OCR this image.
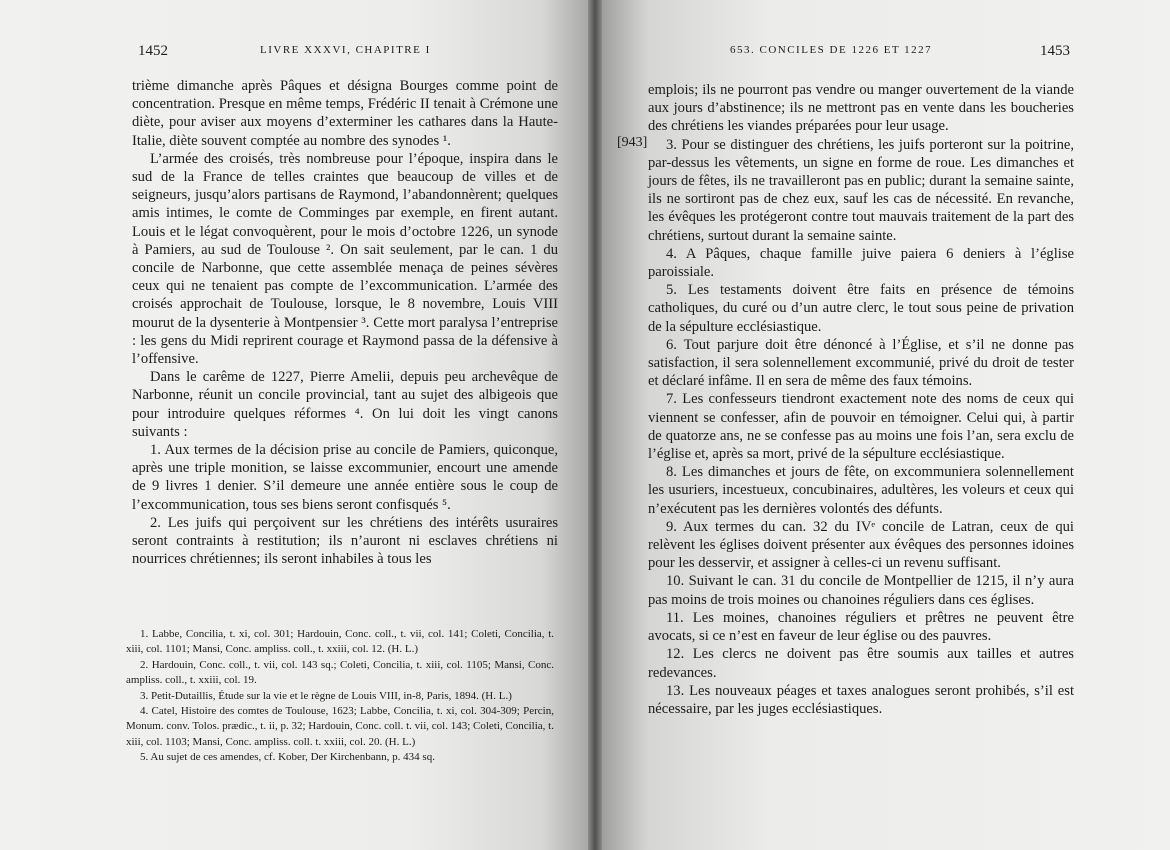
1452	LIVRE XXXVI, CHAPITRE I

trième dimanche après Pâques et désigna Bourges comme point de concentration. Presque en même temps, Frédéric II tenait à Crémone une diète, pour aviser aux moyens d’exterminer les cathares dans la Haute-Italie, diète souvent comptée au nombre des synodes ¹.

L’armée des croisés, très nombreuse pour l’époque, inspira dans le sud de la France de telles craintes que beaucoup de villes et de seigneurs, jusqu’alors partisans de Raymond, l’abandonnèrent; quelques amis intimes, le comte de Comminges par exemple, en firent autant. Louis et le légat convoquèrent, pour le mois d’octobre 1226, un synode à Pamiers, au sud de Toulouse ². On sait seulement, par le can. 1 du concile de Narbonne, que cette assemblée menaça de peines sévères ceux qui ne tenaient pas compte de l’excommunication. L’armée des croisés approchait de Toulouse, lorsque, le 8 novembre, Louis VIII mourut de la dysenterie à Montpensier ³. Cette mort paralysa l’entreprise : les gens du Midi reprirent courage et Raymond passa de la défensive à l’offensive.

Dans le carême de 1227, Pierre Amelii, depuis peu archevêque de Narbonne, réunit un concile provincial, tant au sujet des albigeois que pour introduire quelques réformes ⁴. On lui doit les vingt canons suivants :

1. Aux termes de la décision prise au concile de Pamiers, quiconque, après une triple monition, se laisse excommunier, encourt une amende de 9 livres 1 denier. S’il demeure une année entière sous le coup de l’excommunication, tous ses biens seront confisqués ⁵.

2. Les juifs qui perçoivent sur les chrétiens des intérêts usuraires seront contraints à restitution; ils n’auront ni esclaves chrétiens ni nourrices chrétiennes; ils seront inhabiles à tous les

1. Labbe, Concilia, t. xi, col. 301; Hardouin, Conc. coll., t. vii, col. 141; Coleti, Concilia, t. xiii, col. 1101; Mansi, Conc. ampliss. coll., t. xxiii, col. 12. (H. L.)

2. Hardouin, Conc. coll., t. vii, col. 143 sq.; Coleti, Concilia, t. xiii, col. 1105; Mansi, Conc. ampliss. coll., t. xxiii, col. 19.

3. Petit-Dutaillis, Étude sur la vie et le règne de Louis VIII, in-8, Paris, 1894. (H. L.)

4. Catel, Histoire des comtes de Toulouse, 1623; Labbe, Concilia, t. xi, col. 304-309; Percin, Monum. conv. Tolos. prædic., t. ii, p. 32; Hardouin, Conc. coll. t. vii, col. 143; Coleti, Concilia, t. xiii, col. 1103; Mansi, Conc. ampliss. coll. t. xxiii, col. 20. (H. L.)

5. Au sujet de ces amendes, cf. Kober, Der Kirchenbann, p. 434 sq.

653. CONCILES DE 1226 ET 1227	1453

emplois; ils ne pourront pas vendre ou manger ouvertement de la viande aux jours d’abstinence; ils ne mettront pas en vente dans les boucheries des chrétiens les viandes préparées pour leur usage.

3. Pour se distinguer des chrétiens, les juifs porteront sur la poitrine, par-dessus les vêtements, un signe en forme de roue. Les dimanches et jours de fêtes, ils ne travailleront pas en public; durant la semaine sainte, ils ne sortiront pas de chez eux, sauf les cas de nécessité. En revanche, les évêques les protégeront contre tout mauvais traitement de la part des chrétiens, surtout durant la semaine sainte.

4. A Pâques, chaque famille juive paiera 6 deniers à l’église paroissiale.

5. Les testaments doivent être faits en présence de témoins catholiques, du curé ou d’un autre clerc, le tout sous peine de privation de la sépulture ecclésiastique.

6. Tout parjure doit être dénoncé à l’Église, et s’il ne donne pas satisfaction, il sera solennellement excommunié, privé du droit de tester et déclaré infâme. Il en sera de même des faux témoins.

7. Les confesseurs tiendront exactement note des noms de ceux qui viennent se confesser, afin de pouvoir en témoigner. Celui qui, à partir de quatorze ans, ne se confesse pas au moins une fois l’an, sera exclu de l’église et, après sa mort, privé de la sépulture ecclésiastique.

8. Les dimanches et jours de fête, on excommuniera solennellement les usuriers, incestueux, concubinaires, adultères, les voleurs et ceux qui n’exécutent pas les dernières volontés des défunts.

9. Aux termes du can. 32 du IVᵉ concile de Latran, ceux de qui relèvent les églises doivent présenter aux évêques des personnes idoines pour les desservir, et assigner à celles-ci un revenu suffisant.

10. Suivant le can. 31 du concile de Montpellier de 1215, il n’y aura pas moins de trois moines ou chanoines réguliers dans ces églises.

11. Les moines, chanoines réguliers et prêtres ne peuvent être avocats, si ce n’est en faveur de leur église ou des pauvres.

12. Les clercs ne doivent pas être soumis aux tailles et autres redevances.

13. Les nouveaux péages et taxes analogues seront prohibés, s’il est nécessaire, par les juges ecclésiastiques.

[943]
